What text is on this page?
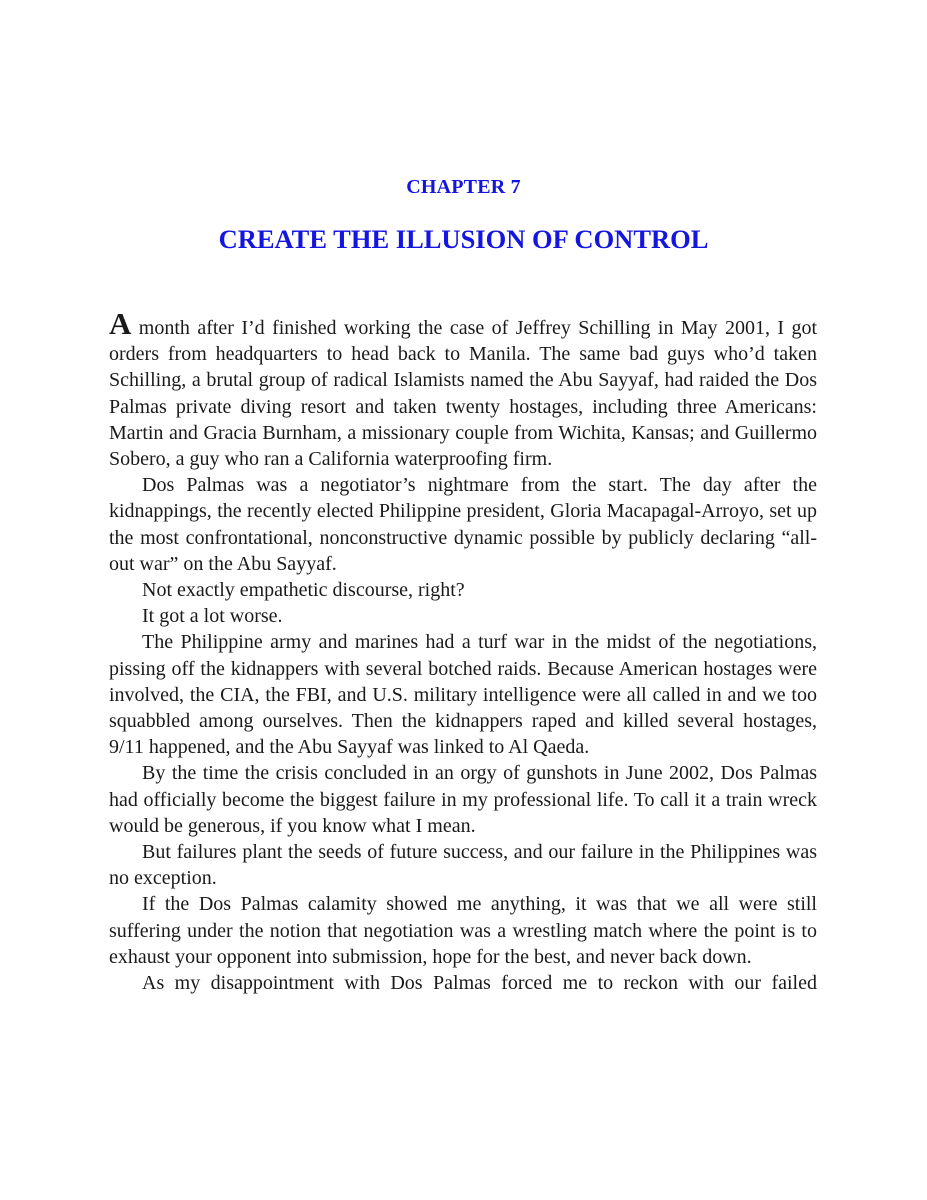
CHAPTER 7
CREATE THE ILLUSION OF CONTROL

A month after I’d finished working the case of Jeffrey Schilling in May 2001, I got orders from headquarters to head back to Manila. The same bad guys who’d taken Schilling, a brutal group of radical Islamists named the Abu Sayyaf, had raided the Dos Palmas private diving resort and taken twenty hostages, including three Americans: Martin and Gracia Burnham, a missionary couple from Wichita, Kansas; and Guillermo Sobero, a guy who ran a California waterproofing firm.

Dos Palmas was a negotiator’s nightmare from the start. The day after the kidnappings, the recently elected Philippine president, Gloria Macapagal-Arroyo, set up the most confrontational, nonconstructive dynamic possible by publicly declaring “all-out war” on the Abu Sayyaf.

Not exactly empathetic discourse, right?

It got a lot worse.

The Philippine army and marines had a turf war in the midst of the negotiations, pissing off the kidnappers with several botched raids. Because American hostages were involved, the CIA, the FBI, and U.S. military intelligence were all called in and we too squabbled among ourselves. Then the kidnappers raped and killed several hostages, 9/11 happened, and the Abu Sayyaf was linked to Al Qaeda.

By the time the crisis concluded in an orgy of gunshots in June 2002, Dos Palmas had officially become the biggest failure in my professional life. To call it a train wreck would be generous, if you know what I mean.

But failures plant the seeds of future success, and our failure in the Philippines was no exception.

If the Dos Palmas calamity showed me anything, it was that we all were still suffering under the notion that negotiation was a wrestling match where the point is to exhaust your opponent into submission, hope for the best, and never back down.

As my disappointment with Dos Palmas forced me to reckon with our failed
